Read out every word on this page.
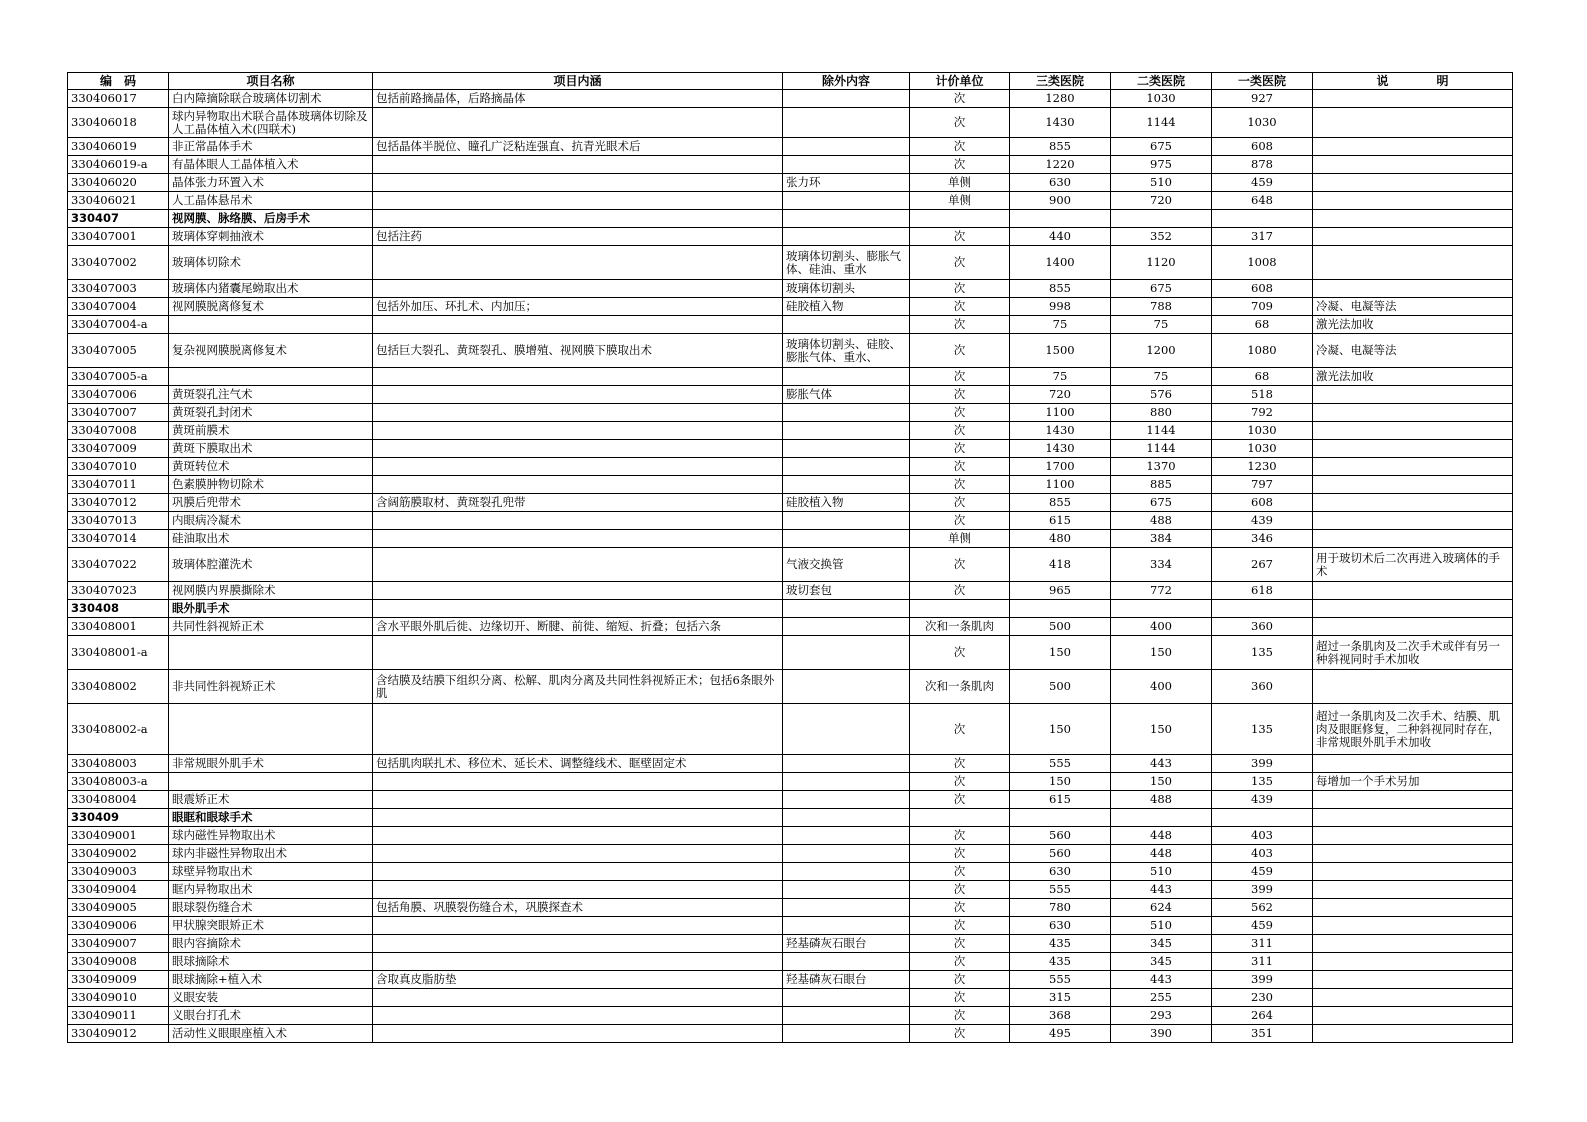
编　码	项目名称	项目内涵	除外内容	计价单位	三类医院	二类医院	一类医院	说　　　　明

330406017	白内障摘除联合玻璃体切割术	包括前路摘晶体，后路摘晶体		次	1280	1030	927	

330406018	球内异物取出术联合晶体玻璃体切除及人工晶体植入术(四联术)			次	1430	1144	1030	

330406019	非正常晶体手术	包括晶体半脱位、瞳孔广泛粘连强直、抗青光眼术后		次	855	675	608	

330406019-a	有晶体眼人工晶体植入术			次	1220	975	878	

330406020	晶体张力环置入术		张力环	单侧	630	510	459	

330406021	人工晶体悬吊术			单侧	900	720	648	

330407	视网膜、脉络膜、后房手术							

330407001	玻璃体穿刺抽液术	包括注药		次	440	352	317	

330407002	玻璃体切除术		玻璃体切割头、膨胀气体、硅油、重水	次	1400	1120	1008	

330407003	玻璃体内猪囊尾蚴取出术		玻璃体切割头	次	855	675	608	

330407004	视网膜脱离修复术	包括外加压、环扎术、内加压；	硅胶植入物	次	998	788	709	冷凝、电凝等法

330407004-a				次	75	75	68	激光法加收

330407005	复杂视网膜脱离修复术	包括巨大裂孔、黄斑裂孔、膜增殖、视网膜下膜取出术	玻璃体切割头、硅胶、膨胀气体、重水、	次	1500	1200	1080	冷凝、电凝等法

330407005-a				次	75	75	68	激光法加收

330407006	黄斑裂孔注气术		膨胀气体	次	720	576	518	

330407007	黄斑裂孔封闭术			次	1100	880	792	

330407008	黄斑前膜术			次	1430	1144	1030	

330407009	黄斑下膜取出术			次	1430	1144	1030	

330407010	黄斑转位术			次	1700	1370	1230	

330407011	色素膜肿物切除术			次	1100	885	797	

330407012	巩膜后兜带术	含阔筋膜取材、黄斑裂孔兜带	硅胶植入物	次	855	675	608	

330407013	内眼病冷凝术			次	615	488	439	

330407014	硅油取出术			单侧	480	384	346	

330407022	玻璃体腔灌洗术		气液交换管	次	418	334	267	用于玻切术后二次再进入玻璃体的手术

330407023	视网膜内界膜撕除术		玻切套包	次	965	772	618	

330408	眼外肌手术							

330408001	共同性斜视矫正术	含水平眼外肌后徙、边缘切开、断腱、前徙、缩短、折叠；包括六条		次和一条肌肉	500	400	360	

330408001-a				次	150	150	135	超过一条肌肉及二次手术或伴有另一种斜视同时手术加收

330408002	非共同性斜视矫正术	含结膜及结膜下组织分离、松解、肌肉分离及共同性斜视矫正术；包括6条眼外肌		次和一条肌肉	500	400	360	

330408002-a				次	150	150	135	超过一条肌肉及二次手术、结膜、肌肉及眼眶修复，二种斜视同时存在，非常规眼外肌手术加收

330408003	非常规眼外肌手术	包括肌肉联扎术、移位术、延长术、调整缝线术、眶壁固定术		次	555	443	399	

330408003-a				次	150	150	135	每增加一个手术另加

330408004	眼震矫正术			次	615	488	439	

330409	眼眶和眼球手术							

330409001	球内磁性异物取出术			次	560	448	403	

330409002	球内非磁性异物取出术			次	560	448	403	

330409003	球壁异物取出术			次	630	510	459	

330409004	眶内异物取出术			次	555	443	399	

330409005	眼球裂伤缝合术	包括角膜、巩膜裂伤缝合术，巩膜探查术		次	780	624	562	

330409006	甲状腺突眼矫正术			次	630	510	459	

330409007	眼内容摘除术		羟基磷灰石眼台	次	435	345	311	

330409008	眼球摘除术			次	435	345	311	

330409009	眼球摘除+植入术	含取真皮脂肪垫	羟基磷灰石眼台	次	555	443	399	

330409010	义眼安装			次	315	255	230	

330409011	义眼台打孔术			次	368	293	264	

330409012	活动性义眼眼座植入术			次	495	390	351	
